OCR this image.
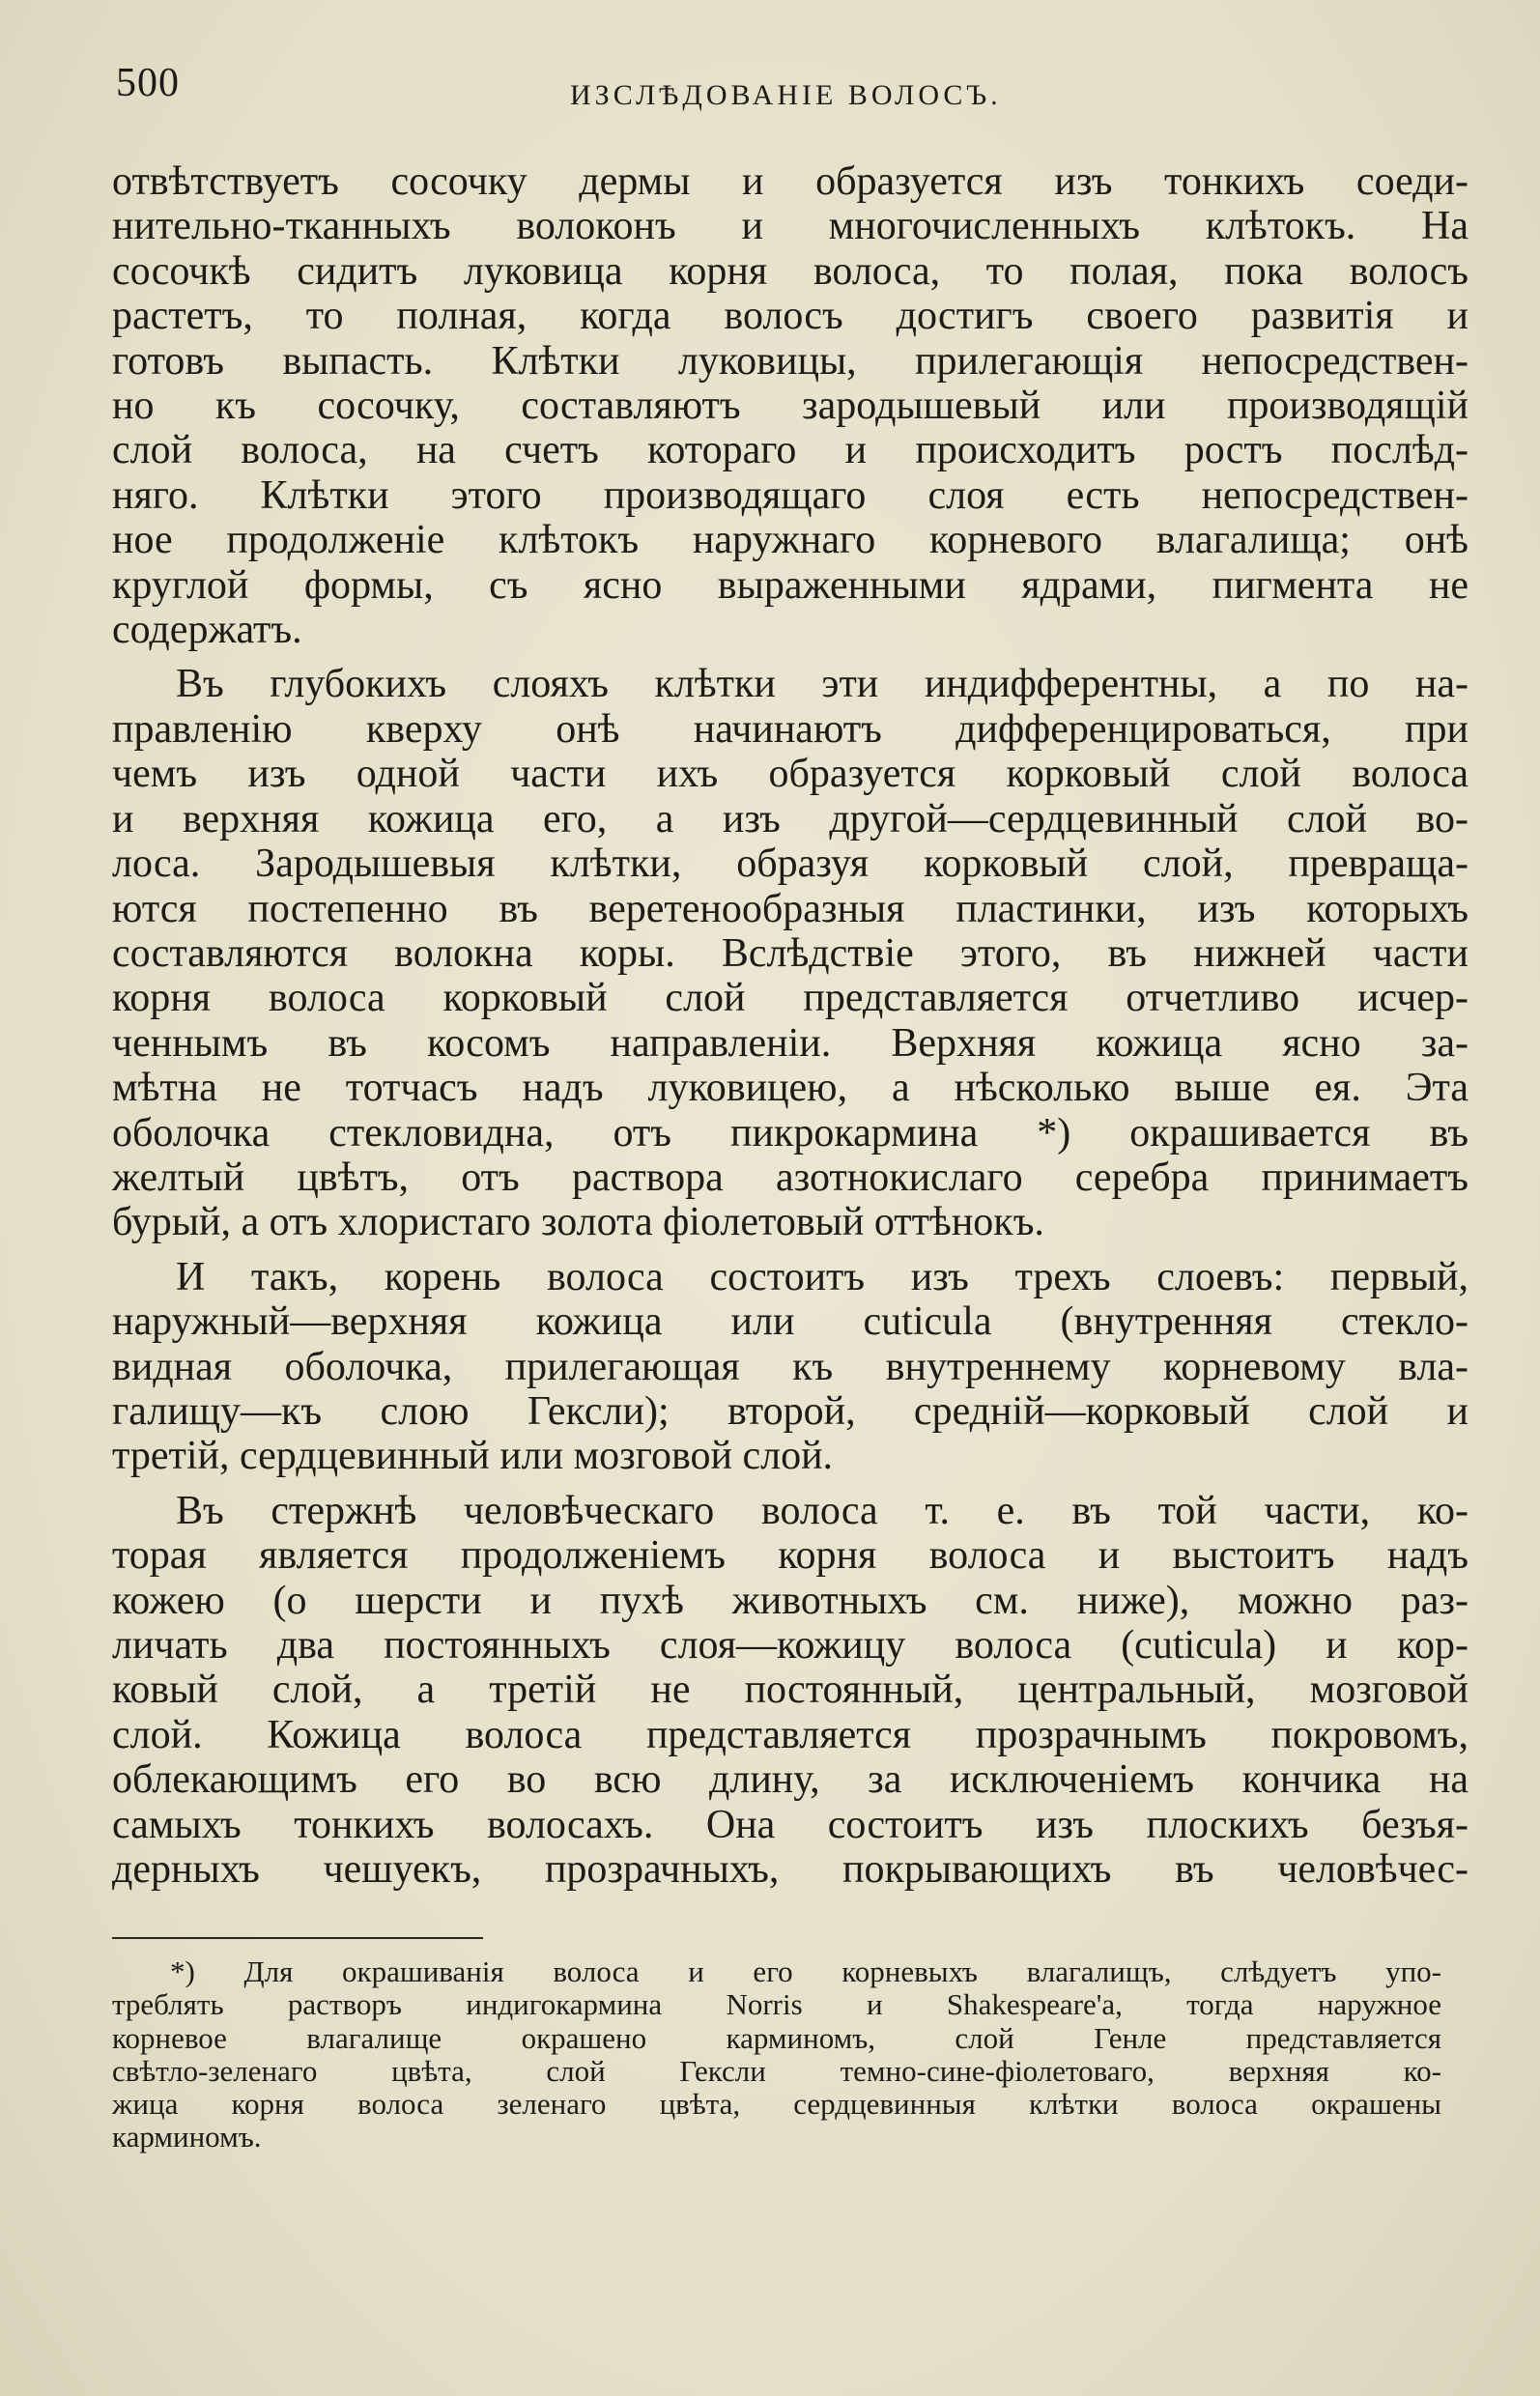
500	ИЗСЛѢДОВАНІЕ ВОЛОСЪ.
отвѣтствуетъ сосочку дермы и образуется изъ тонкихъ соеди-
нительно-тканныхъ волоконъ и многочисленныхъ клѣтокъ. На
сосочкѣ сидитъ луковица корня волоса, то полая, пока волосъ
растетъ, то полная, когда волосъ достигъ своего развитія и
готовъ выпасть. Клѣтки луковицы, прилегающія непосредствен-
но къ сосочку, составляютъ зародышевый или производящій
слой волоса, на счетъ котораго и происходитъ ростъ послѣд-
няго. Клѣтки этого производящаго слоя есть непосредствен-
ное продолженіе клѣтокъ наружнаго корневого влагалища; онѣ
круглой формы, съ ясно выраженными ядрами, пигмента не
содержатъ.
Въ глубокихъ слояхъ клѣтки эти индифферентны, а по на-
правленію кверху онѣ начинаютъ дифференцироваться, при
чемъ изъ одной части ихъ образуется корковый слой волоса
и верхняя кожица его, а изъ другой—сердцевинный слой во-
лоса. Зародышевыя клѣтки, образуя корковый слой, превраща-
ются постепенно въ веретенообразныя пластинки, изъ которыхъ
составляются волокна коры. Вслѣдствіе этого, въ нижней части
корня волоса корковый слой представляется отчетливо исчер-
ченнымъ въ косомъ направленіи. Верхняя кожица ясно за-
мѣтна не тотчасъ надъ луковицею, а нѣсколько выше ея. Эта
оболочка стекловидна, отъ пикрокармина *) окрашивается въ
желтый цвѣтъ, отъ раствора азотнокислаго серебра принимаетъ
бурый, а отъ хлористаго золота фіолетовый оттѣнокъ.
И такъ, корень волоса состоитъ изъ трехъ слоевъ: первый,
наружный—верхняя кожица или cuticula (внутренняя стекло-
видная оболочка, прилегающая къ внутреннему корневому вла-
галищу—къ слою Гексли); второй, средній—корковый слой и
третій, сердцевинный или мозговой слой.
Въ стержнѣ человѣческаго волоса т. е. въ той части, ко-
торая является продолженіемъ корня волоса и выстоитъ надъ
кожею (о шерсти и пухѣ животныхъ см. ниже), можно раз-
личать два постоянныхъ слоя—кожицу волоса (cuticula) и кор-
ковый слой, а третій не постоянный, центральный, мозговой
слой. Кожица волоса представляется прозрачнымъ покровомъ,
облекающимъ его во всю длину, за исключеніемъ кончика на
самыхъ тонкихъ волосахъ. Она состоитъ изъ плоскихъ безъя-
дерныхъ чешуекъ, прозрачныхъ, покрывающихъ въ человѣчес-
*) Для окрашиванія волоса и его корневыхъ влагалищъ, слѣдуетъ упо-
треблять растворъ индигокармина Norris и Shakespeare'a, тогда наружное
корневое влагалище окрашено карминомъ, слой Генле представляется
свѣтло-зеленаго цвѣта, слой Гексли темно-сине-фіолетоваго, верхняя ко-
жица корня волоса зеленаго цвѣта, сердцевинныя клѣтки волоса окрашены
карминомъ.
